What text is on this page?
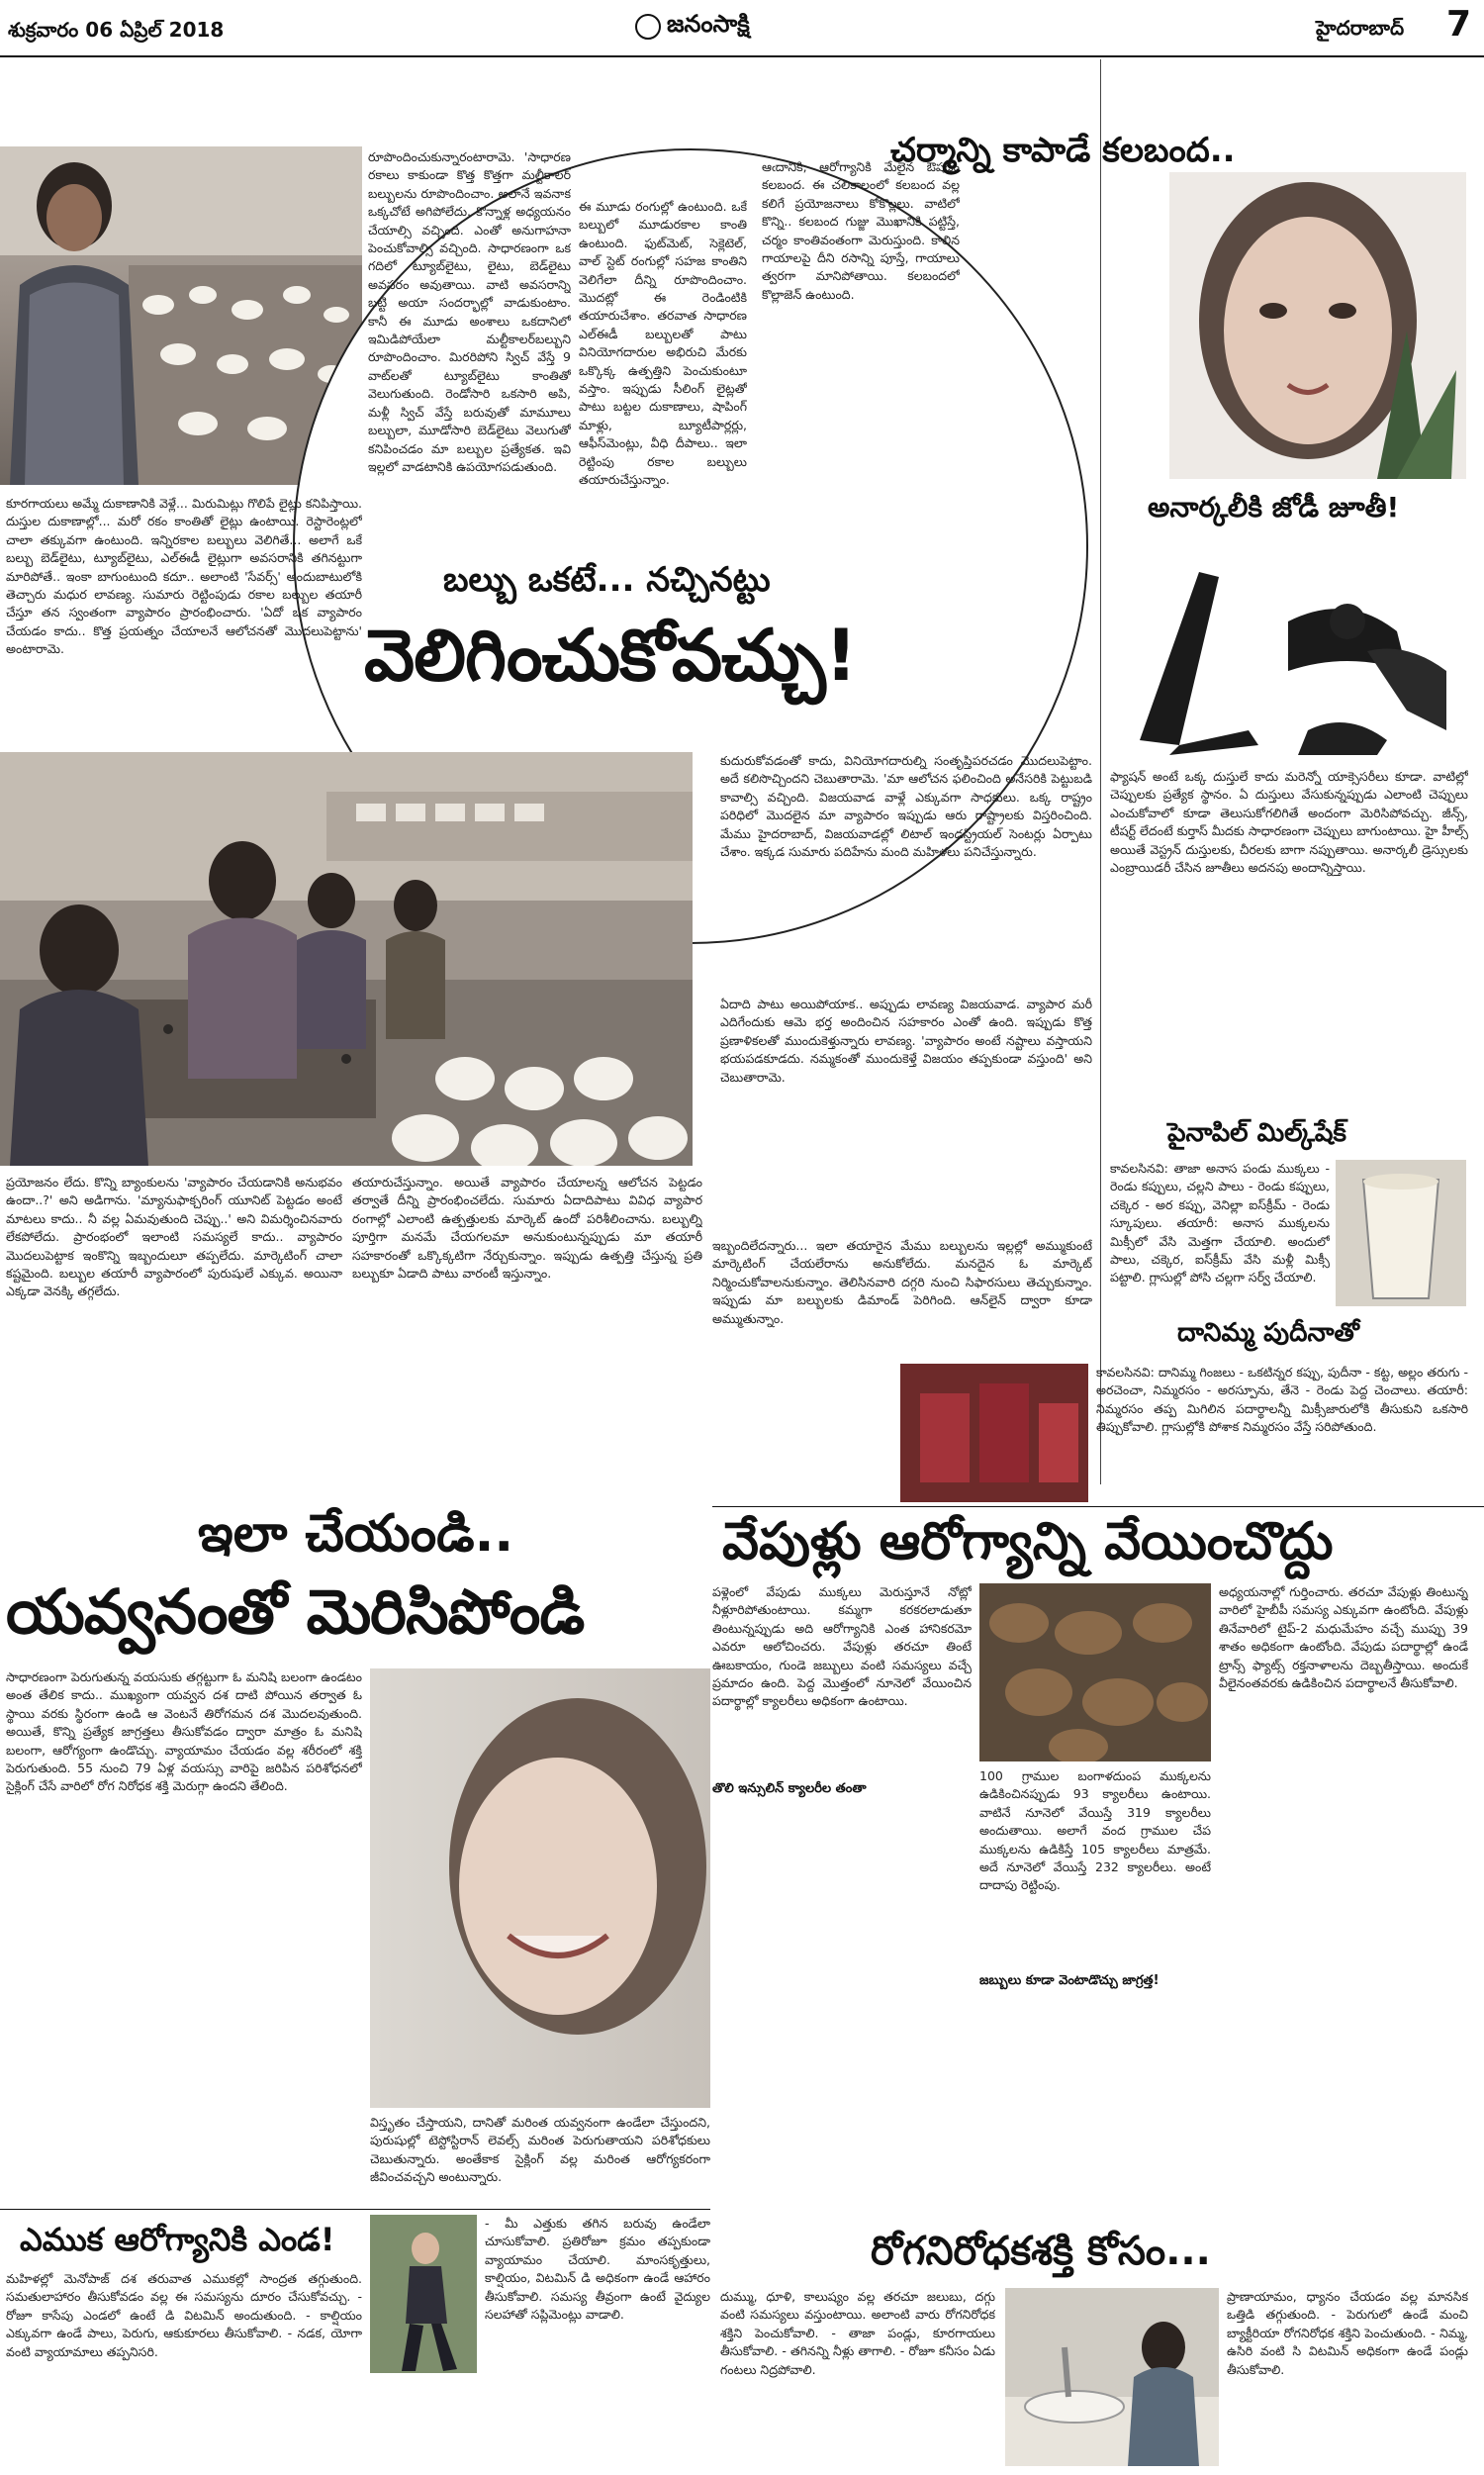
శుక్రవారం 06 ఏప్రిల్ 2018	జనంసాక్షి	హైదరాబాద్ 7
రూపొందించుకున్నారంటారామె. 'సాధారణ రకాలు కాకుండా కొత్త కొత్తగా మల్టీకాలర్ బల్బులను రూపొందించాం. అలానే ఇవనాక ఒక్కచోటే అగిపోలేదు. కొన్నాళ్ల అధ్యయనం చేయాల్సి వచ్చింది. ఎంతో అనుగాహనా పెంచుకోవాల్సి వచ్చింది. సాధారణంగా ఒక గదిలో ట్యూబ్‌లైటు, లైటు, బెడ్‌లైటు అవసరం అవుతాయి. వాటి అవసరాన్ని బట్టి అయా సందర్భాల్లో వాడుకుంటాం. కానీ ఈ మూడు అంశాలు ఒకదానిలో ఇమిడిపోయేలా మల్టీకాలర్‌బల్బుని రూపొందించాం. మిరరిపోని స్విచ్ వేస్తే 9 వాట్‌లతో ట్యూబ్‌లైటు కాంతితో వెలుగుతుంది. రెండోసారి ఒకసారి అపి, మళ్లీ స్విచ్ వేస్తే బరువుతో మామూలు బల్బులా, మూడోసారి బెడ్‌లైటు వెలుగుతో కనిపించడం మా బల్బుల ప్రత్యేకత. ఇవి ఇల్లలో వాడటానికి ఉపయోగపడుతుంది.
ఈ మూడు రంగుల్లో ఉంటుంది. ఒకే బల్బులో మూడురకాల కాంతి ఉంటుంది. ఫుట్‌మెట్, సెక్లెటెల్, వాల్ స్టెట్ రంగుల్లో సహజ కాంతిని వెలిగేలా దీన్ని రూపొందించాం. మొదట్లో ఈ రెండింటికి తయారుచేశాం. తరవాత సాధారణ ఎల్ఈడీ బల్బులతో పాటు వినియోగదారుల అభిరుచి మేరకు ఒక్కొక్క ఉత్పత్తిని పెంచుకుంటూ వస్తాం. ఇప్పుడు సీలింగ్ లైట్లతో పాటు బట్టల దుకాణాలు, షాపింగ్ మాళ్లు, బ్యూటీపార్లర్లు, ఆఫీస్‌మెంట్లు, వీధి దీపాలు.. ఇలా రెట్టింపు రకాల బల్బులు తయారుచేస్తున్నాం.
ఆఁదానికి, ఆరోగ్యానికి మేలైన ఔషధం కలబంద. ఈ చలికాలంలో కలబంద వల్ల కలిగే ప్రయోజనాలు కోకొల్లలు. వాటిలో కొన్ని.. కలబంద గుజ్జు మొఖానికి పట్టిస్తే, చర్మం కాంతివంతంగా మెరుస్తుంది. కాలిన గాయాలపై దీని రసాన్ని పూస్తే, గాయాలు త్వరగా మానిపోతాయి. కలబందలో కొల్లాజెన్ ఉంటుంది.
కూరగాయలు అమ్మే దుకాణానికి వెళ్లే... మిరుమిట్లు గొలిపే లైట్లు కనిపిస్తాయి. దుస్తుల దుకాణాల్లో... మరో రకం కాంతితో లైట్లు ఉంటాయి. రెస్టారెంట్లలో చాలా తక్కువగా ఉంటుంది. ఇన్నిరకాల బల్బులు వెలిగితే... అలాగే ఒకే బల్బు బెడ్‌లైటు, ట్యూబ్‌లైటు, ఎల్‌ఈడీ లైట్లుగా అవసరానికి తగినట్టుగా మారిపోతే.. ఇంకా బాగుంటుంది కదూ.. అలాంటి 'సేవర్స్' అందుబాటులోకి తెచ్చారు మధుర లావణ్య. సుమారు రెట్టింపుడు రకాల బల్బుల తయారీ చేస్తూ తన స్వంతంగా వ్యాపారం ప్రారంభించారు. 'ఏదో ఒక వ్యాపారం చేయడం కాదు.. కొత్త ప్రయత్నం చేయాలనే ఆలోచనతో మొదలుపెట్టాను' అంటారామె.
బల్బు ఒకటే... నచ్చినట్టు
వెలిగించుకోవచ్చు!
కుదురుకోవడంతో కాదు, వినియోగదారుల్ని సంతృప్తిపరచడం మొదలుపెట్టాం. అదే కలిసొచ్చిందని చెబుతారామె. 'మా ఆలోచన ఫలించింది అనేసరికి పెట్టుబడి కావాల్సి వచ్చింది. విజయవాడ వాళ్లే ఎక్కువగా సాధకులు. ఒక్క రాష్ట్రం పరిధిలో మొదలైన మా వ్యాపారం ఇప్పుడు ఆరు రాష్ట్రాలకు విస్తరించింది. మేము హైదరాబాద్, విజయవాడల్లో లిటాల్ ఇండస్ట్రియల్ సెంటర్లు ఏర్పాటు చేశాం. ఇక్కడ సుమారు పదిహేను మంది మహిళలు పనిచేస్తున్నారు.
ఏదాది పాటు అయిపోయాక.. అప్పుడు లావణ్య విజయవాడ. వ్యాపార మరీ ఎదిగేందుకు ఆమె భర్త అందించిన సహకారం ఎంతో ఉంది. ఇప్పుడు కొత్త ప్రణాళికలతో ముందుకెళ్తున్నారు లావణ్య. 'వ్యాపారం అంటే నష్టాలు వస్తాయని భయపడకూడదు. నమ్మకంతో ముందుకెళ్తే విజయం తప్పకుండా వస్తుంది' అని చెబుతారామె.
ప్రయోజనం లేదు. కొన్ని బ్యాంకులను 'వ్యాపారం చేయడానికి అనుభవం ఉందా..?' అని అడిగాను. 'మ్యానుఫాక్చరింగ్ యూనిట్ పెట్టడం అంటే మాటలు కాదు.. నీ వల్ల ఏమవుతుంది చెప్పు..' అని విమర్శించినవారు లేకపోలేదు. ప్రారంభంలో ఇలాంటి సమస్యలే కాదు.. వ్యాపారం మొదలుపెట్టాక ఇంకొన్ని ఇబ్బందులూ తప్పలేదు. మార్కెటింగ్ చాలా కష్టమైంది. బల్బుల తయారీ వ్యాపారంలో పురుషులే ఎక్కువ. అయినా ఎక్కడా వెనక్కి తగ్గలేదు.
తయారుచేస్తున్నాం. అయితే వ్యాపారం చేయాలన్న ఆలోచన పెట్టడం తర్వాతే దీన్ని ప్రారంభించలేదు. సుమారు ఏదాదిపాటు వివిధ వ్యాపార రంగాల్లో ఎలాంటి ఉత్పత్తులకు మార్కెట్ ఉందో పరిశీలించాను. బల్బుల్ని పూర్తిగా మనమే చేయగలమా అనుకుంటున్నప్పుడు మా తయారీ సహకారంతో ఒక్కొక్కటిగా నేర్చుకున్నాం. ఇప్పుడు ఉత్పత్తి చేస్తున్న ప్రతి బల్బుకూ ఏడాది పాటు వారంటీ ఇస్తున్నాం.
ఇబ్బందిలేదన్నారు... ఇలా తయారైన మేము బల్బులను ఇల్లల్లో అమ్ముకుంటే మార్కెటింగ్ చేయలేరాను అనుకోలేదు. మనదైన ఓ మార్కెట్ నిర్మించుకోవాలనుకున్నాం. తెలిసినవారి దగ్గరి నుంచి సిఫారసులు తెచ్చుకున్నాం. ఇప్పుడు మా బల్బులకు డిమాండ్ పెరిగింది. ఆన్‌లైన్ ద్వారా కూడా అమ్ముతున్నాం.
చర్మాన్ని కాపాడే కలబంద..
అనార్కలీకి జోడీ జూతీ!
ఫ్యాషన్ అంటే ఒక్క దుస్తులే కాదు మరెన్నో యాక్సెసరీలు కూడా. వాటిల్లో చెప్పులకు ప్రత్యేక స్థానం. ఏ దుస్తులు వేసుకున్నప్పుడు ఎలాంటి చెప్పులు ఎంచుకోవాలో కూడా తెలుసుకోగలిగితే అందంగా మెరిసిపోవచ్చు. జీన్స్, టీషర్ట్ లేదంటే కుర్తాస్ మీదకు సాధారణంగా చెప్పులు బాగుంటాయి. హై హీల్స్ అయితే వెస్ట్రన్ దుస్తులకు, చీరలకు బాగా నప్పుతాయి. అనార్కలీ డ్రెస్సులకు ఎంబ్రాయిడరీ చేసిన జూతీలు అదనపు అందాన్నిస్తాయి.
పైనాపిల్ మిల్క్‌షేక్
కావలసినవి: తాజా అనాస పండు ముక్కలు - రెండు కప్పులు, చల్లని పాలు - రెండు కప్పులు, చక్కెర - అర కప్పు, వెనిల్లా ఐస్‌క్రీమ్ - రెండు స్కూపులు. తయారీ: అనాస ముక్కలను మిక్సీలో వేసి మెత్తగా చేయాలి. అందులో పాలు, చక్కెర, ఐస్‌క్రీమ్ వేసి మళ్లీ మిక్సీ పట్టాలి. గ్లాసుల్లో పోసి చల్లగా సర్వ్ చేయాలి.
దానిమ్మ పుదీనాతో
కావలసినవి: దానిమ్మ గింజలు - ఒకటిన్నర కప్పు, పుదీనా - కట్ట, అల్లం తరుగు - అరచెంచా, నిమ్మరసం - అరస్పూను, తేనె - రెండు పెద్ద చెంచాలు. తయారీ: నిమ్మరసం తప్ప మిగిలిన పదార్థాలన్నీ మిక్సీజారులోకి తీసుకుని ఒకసారి తిప్పుకోవాలి. గ్లాసుల్లోకి పోశాక నిమ్మరసం వేస్తే సరిపోతుంది.
వేపుళ్లు ఆరోగ్యాన్ని వేయించొద్దు
పళ్లెంలో వేపుడు ముక్కలు మెరుస్తూనే నోట్లో నీళ్లూరిపోతుంటాయి. కమ్మగా కరకరలాడుతూ తింటున్నప్పుడు అది ఆరోగ్యానికి ఎంత హానికరమో ఎవరూ ఆలోచించరు. వేపుళ్లు తరచూ తింటే ఊబకాయం, గుండె జబ్బులు వంటి సమస్యలు వచ్చే ప్రమాదం ఉంది. పెద్ద మొత్తంలో నూనెలో వేయించిన పదార్థాల్లో క్యాలరీలు అధికంగా ఉంటాయి.
100 గ్రాముల బంగాళదుంప ముక్కలను ఉడికించినప్పుడు 93 క్యాలరీలు ఉంటాయి. వాటినే నూనెలో వేయిస్తే 319 క్యాలరీలు అందుతాయి. అలాగే వంద గ్రాముల చేప ముక్కలను ఉడికిస్తే 105 క్యాలరీలు మాత్రమే. అదే నూనెలో వేయిస్తే 232 క్యాలరీలు. అంటే దాదాపు రెట్టింపు.
తొలి ఇన్సులిన్ క్యాలరీల తంతా
జబ్బులు కూడా వెంటాడొచ్చు జాగ్రత్త!
అధ్యయనాల్లో గుర్తించారు. తరచూ వేపుళ్లు తింటున్న వారిలో హైబీపీ సమస్య ఎక్కువగా ఉంటోంది. వేపుళ్లు తినేవారిలో టైప్-2 మధుమేహం వచ్చే ముప్పు 39 శాతం అధికంగా ఉంటోంది. వేపుడు పదార్థాల్లో ఉండే ట్రాన్స్ ఫ్యాట్స్ రక్తనాళాలను దెబ్బతీస్తాయి. అందుకే వీలైనంతవరకు ఉడికించిన పదార్థాలనే తీసుకోవాలి.
ఇలా చేయండి..
యవ్వనంతో మెరిసిపోండి
సాధారణంగా పెరుగుతున్న వయసుకు తగ్గట్టుగా ఓ మనిషి బలంగా ఉండటం అంత తేలిక కాదు.. ముఖ్యంగా యవ్వన దశ దాటి పోయిన తర్వాత ఓ స్థాయి వరకు స్థిరంగా ఉండి ఆ వెంటనే తిరోగమన దశ మొదలవుతుంది. అయితే, కొన్ని ప్రత్యేక జాగ్రత్తలు తీసుకోవడం ద్వారా మాత్రం ఓ మనిషి బలంగా, ఆరోగ్యంగా ఉండొచ్చు. వ్యాయామం చేయడం వల్ల శరీరంలో శక్తి పెరుగుతుంది. 55 నుంచి 79 ఏళ్ల వయస్సు వారిపై జరిపిన పరిశోధనలో సైక్లింగ్ చేసే వారిలో రోగ నిరోధక శక్తి మెరుగ్గా ఉందని తేలింది.
విస్తృతం చేస్తాయని, దానితో మరింత యవ్వనంగా ఉండేలా చేస్తుందని, పురుషుల్లో టెస్టోస్టిరాన్ లెవల్స్ మరింత పెరుగుతాయని పరిశోధకులు చెబుతున్నారు. అంతేకాక సైక్లింగ్ వల్ల మరింత ఆరోగ్యకరంగా జీవించవచ్చని అంటున్నారు.
ఎముక ఆరోగ్యానికి ఎండ!
మహిళల్లో మెనోపాజ్ దశ తరువాత ఎముకల్లో సాంద్రత తగ్గుతుంది. సమతులాహారం తీసుకోవడం వల్ల ఈ సమస్యను దూరం చేసుకోవచ్చు. - రోజూ కాసేపు ఎండలో ఉంటే డి విటమిన్ అందుతుంది. - కాల్షియం ఎక్కువగా ఉండే పాలు, పెరుగు, ఆకుకూరలు తీసుకోవాలి. - నడక, యోగా వంటి వ్యాయామాలు తప్పనిసరి.
- మీ ఎత్తుకు తగిన బరువు ఉండేలా చూసుకోవాలి. ప్రతిరోజూ క్రమం తప్పకుండా వ్యాయామం చేయాలి. మాంసకృత్తులు, కాల్షియం, విటమిన్ డి అధికంగా ఉండే ఆహారం తీసుకోవాలి. సమస్య తీవ్రంగా ఉంటే వైద్యుల సలహాతో సప్లిమెంట్లు వాడాలి.
రోగనిరోధకశక్తి కోసం...
దుమ్ము, ధూళి, కాలుష్యం వల్ల తరచూ జలుబు, దగ్గు వంటి సమస్యలు వస్తుంటాయి. అలాంటి వారు రోగనిరోధక శక్తిని పెంచుకోవాలి. - తాజా పండ్లు, కూరగాయలు తీసుకోవాలి. - తగినన్ని నీళ్లు తాగాలి. - రోజూ కనీసం ఏడు గంటలు నిద్రపోవాలి.
ప్రాణాయామం, ధ్యానం చేయడం వల్ల మానసిక ఒత్తిడి తగ్గుతుంది. - పెరుగులో ఉండే మంచి బ్యాక్టీరియా రోగనిరోధక శక్తిని పెంచుతుంది. - నిమ్మ, ఉసిరి వంటి సి విటమిన్ అధికంగా ఉండే పండ్లు తీసుకోవాలి.
